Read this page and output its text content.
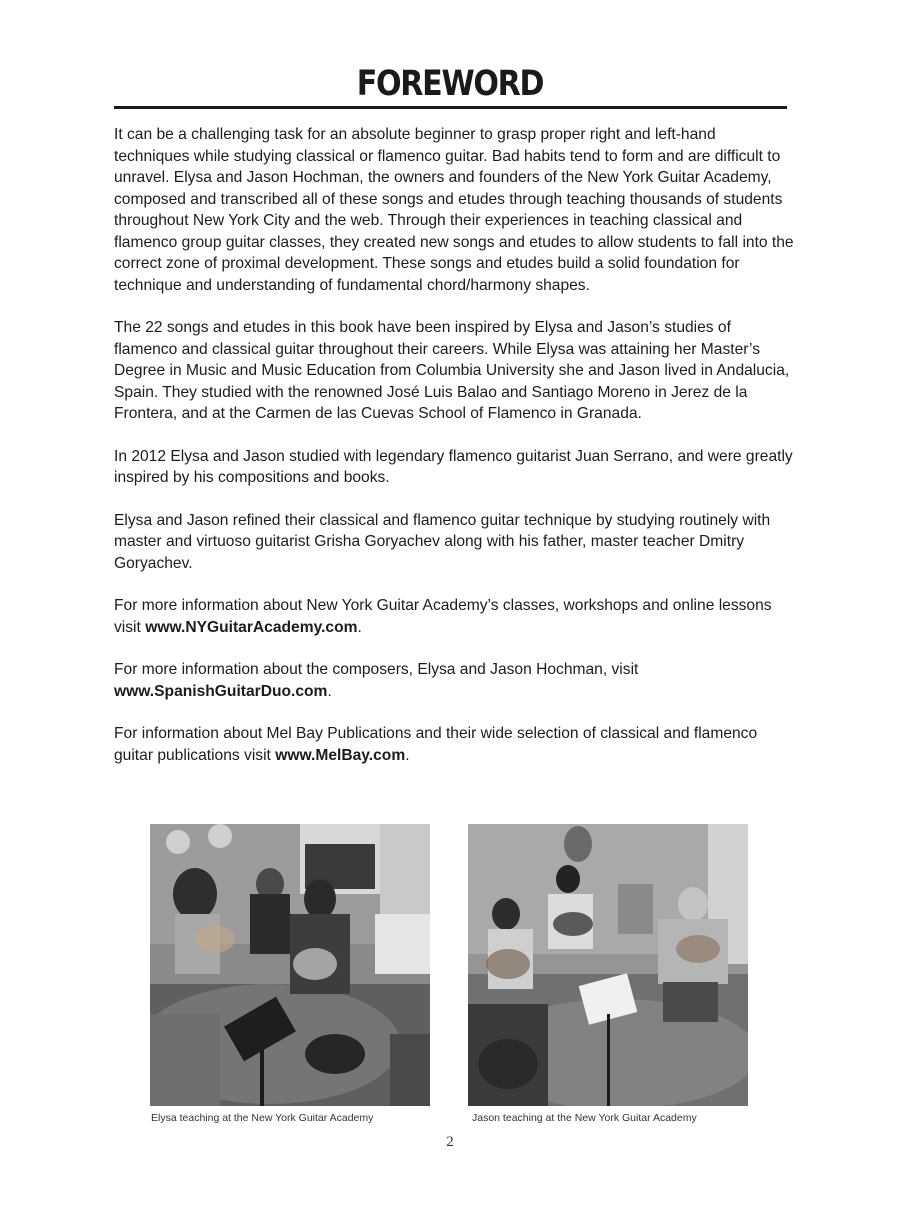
FOREWORD

It can be a challenging task for an absolute beginner to grasp proper right and left-hand techniques while studying classical or flamenco guitar. Bad habits tend to form and are difficult to unravel. Elysa and Jason Hochman, the owners and founders of the New York Guitar Academy, composed and transcribed all of these songs and etudes through teaching thousands of students throughout New York City and the web. Through their experiences in teaching classical and flamenco group guitar classes, they created new songs and etudes to allow students to fall into the correct zone of proximal development. These songs and etudes build a solid foundation for technique and understanding of fundamental chord/harmony shapes.

The 22 songs and etudes in this book have been inspired by Elysa and Jason’s studies of flamenco and classical guitar throughout their careers. While Elysa was attaining her Master’s Degree in Music and Music Education from Columbia University she and Jason lived in Andalucia, Spain. They studied with the renowned José Luis Balao and Santiago Moreno in Jerez de la Frontera, and at the Carmen de las Cuevas School of Flamenco in Granada.

In 2012 Elysa and Jason studied with legendary flamenco guitarist Juan Serrano, and were greatly inspired by his compositions and books.

Elysa and Jason refined their classical and flamenco guitar technique by studying routinely with master and virtuoso guitarist Grisha Goryachev along with his father, master teacher Dmitry Goryachev.

For more information about New York Guitar Academy’s classes, workshops and online lessons visit www.NYGuitarAcademy.com.

For more information about the composers, Elysa and Jason Hochman, visit www.SpanishGuitarDuo.com.

For information about Mel Bay Publications and their wide selection of classical and flamenco guitar publications visit www.MelBay.com.

Elysa teaching at the New York Guitar Academy	Jason teaching at the New York Guitar Academy
2
